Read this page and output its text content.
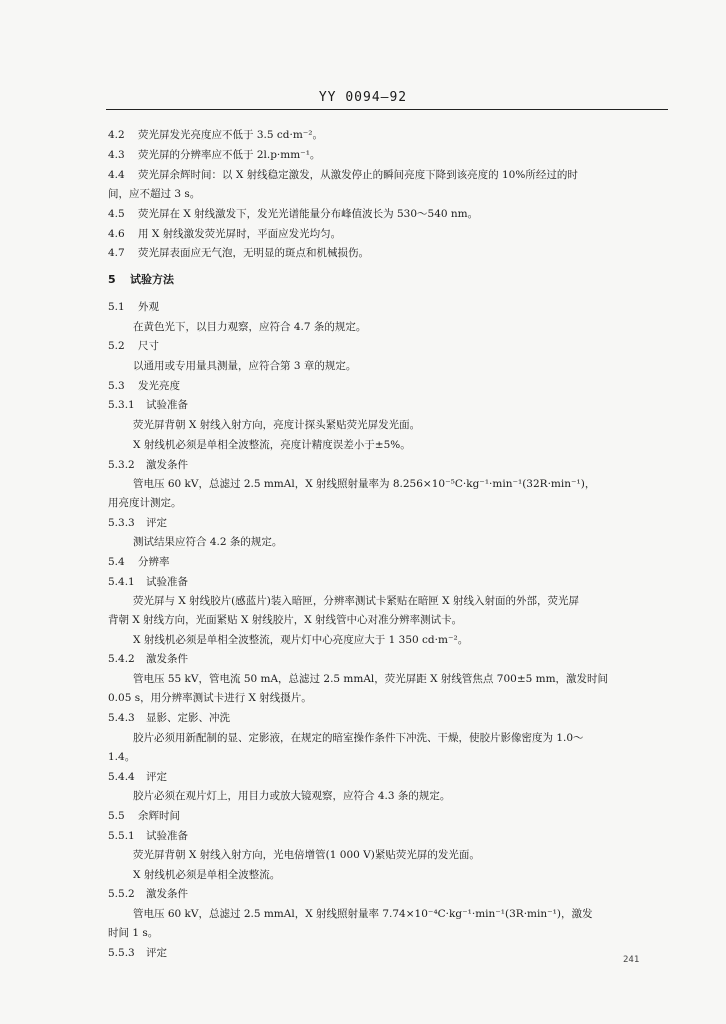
YY 0094—92
4.2 荧光屏发光亮度应不低于 3.5 cd·m⁻²。
4.3 荧光屏的分辨率应不低于 2l.p·mm⁻¹。
4.4 荧光屏余辉时间：以 X 射线稳定激发，从激发停止的瞬间亮度下降到该亮度的 10%所经过的时
间，应不超过 3 s。
4.5 荧光屏在 X 射线激发下，发光光谱能量分布峰值波长为 530～540 nm。
4.6 用 X 射线激发荧光屏时，平面应发光均匀。
4.7 荧光屏表面应无气泡，无明显的斑点和机械损伤。
5 试验方法
5.1 外观
在黄色光下，以目力观察，应符合 4.7 条的规定。
5.2 尺寸
以通用或专用量具测量，应符合第 3 章的规定。
5.3 发光亮度
5.3.1 试验准备
荧光屏背朝 X 射线入射方向，亮度计探头紧贴荧光屏发光面。
X 射线机必须是单相全波整流，亮度计精度误差小于±5%。
5.3.2 激发条件
管电压 60 kV，总滤过 2.5 mmAl，X 射线照射量率为 8.256×10⁻⁵C·kg⁻¹·min⁻¹(32R·min⁻¹)，
用亮度计测定。
5.3.3 评定
测试结果应符合 4.2 条的规定。
5.4 分辨率
5.4.1 试验准备
荧光屏与 X 射线胶片(感蓝片)装入暗匣，分辨率测试卡紧贴在暗匣 X 射线入射面的外部，荧光屏
背朝 X 射线方向，光面紧贴 X 射线胶片，X 射线管中心对准分辨率测试卡。
X 射线机必须是单相全波整流，观片灯中心亮度应大于 1 350 cd·m⁻²。
5.4.2 激发条件
管电压 55 kV，管电流 50 mA，总滤过 2.5 mmAl，荧光屏距 X 射线管焦点 700±5 mm，激发时间
0.05 s，用分辨率测试卡进行 X 射线摄片。
5.4.3 显影、定影、冲洗
胶片必须用新配制的显、定影液，在规定的暗室操作条件下冲洗、干燥，使胶片影像密度为 1.0～
1.4。
5.4.4 评定
胶片必须在观片灯上，用目力或放大镜观察，应符合 4.3 条的规定。
5.5 余辉时间
5.5.1 试验准备
荧光屏背朝 X 射线入射方向，光电倍增管(1 000 V)紧贴荧光屏的发光面。
X 射线机必须是单相全波整流。
5.5.2 激发条件
管电压 60 kV，总滤过 2.5 mmAl，X 射线照射量率 7.74×10⁻⁴C·kg⁻¹·min⁻¹(3R·min⁻¹)，激发
时间 1 s。
5.5.3 评定
241
